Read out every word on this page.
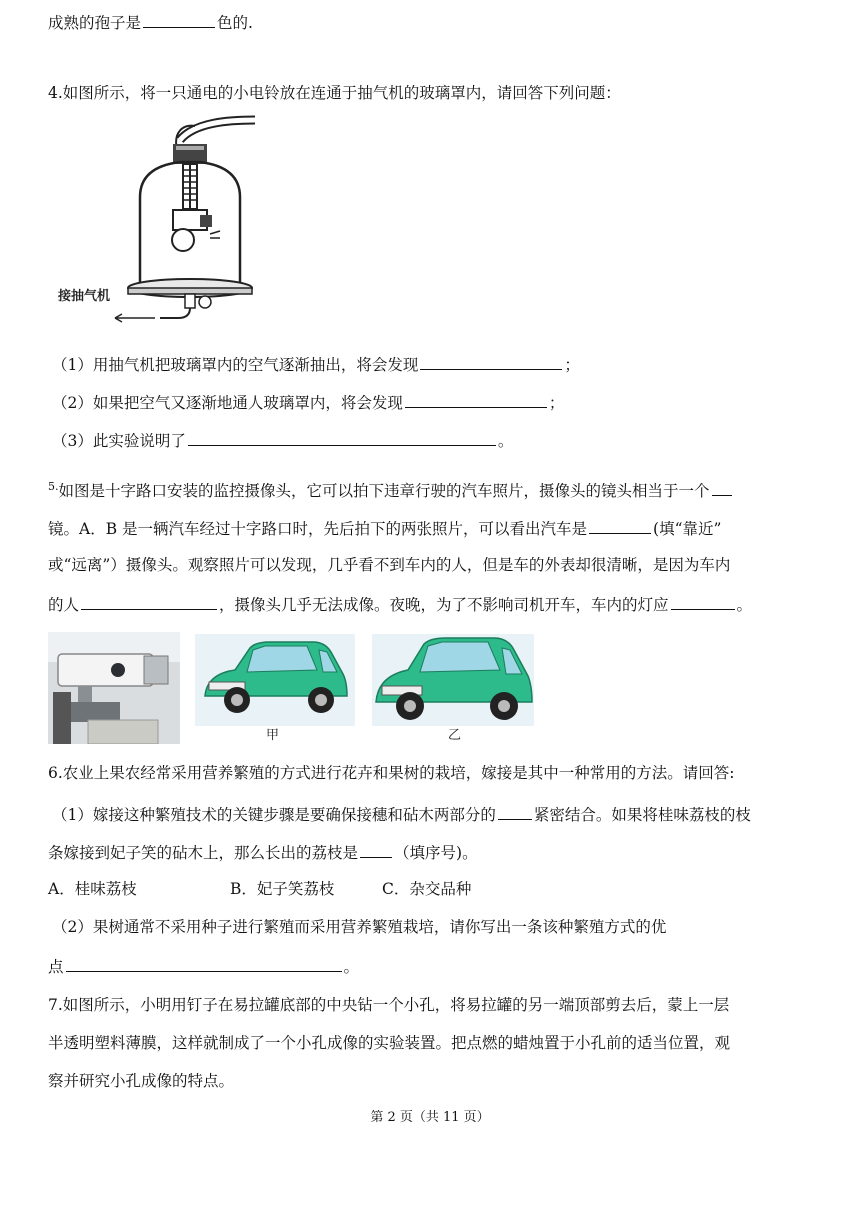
成熟的孢子是	色的.
4.如图所示，将一只通电的小电铃放在连通于抽气机的玻璃罩内，请回答下列问题：
接抽气机
（1）用抽气机把玻璃罩内的空气逐渐抽出，将会发现	；
（2）如果把空气又逐渐地通人玻璃罩内，将会发现	；
（3）此实验说明了	。
$^{5.}$如图是十字路口安装的监控摄像头，它可以拍下违章行驶的汽车照片，摄像头的镜头相当于一个
镜。A．B 是一辆汽车经过十字路口时，先后拍下的两张照片，可以看出汽车是	(填“靠近”
或“远离”）摄像头。观察照片可以发现，几乎看不到车内的人，但是车的外表却很清晰，是因为车内
的人	，摄像头几乎无法成像。夜晚，为了不影响司机开车，车内的灯应	。
甲	乙
6.农业上果农经常采用营养繁殖的方式进行花卉和果树的栽培，嫁接是其中一种常用的方法。请回答:
（1）嫁接这种繁殖技术的关键步骤是要确保接穗和砧木两部分的 紧密结合。如果将桂味荔枝的枝
条嫁接到妃子笑的砧木上，那么长出的荔枝是 （填序号)。
A．桂味荔枝	B．妃子笑荔枝	C．杂交品种
（2）果树通常不采用种子进行繁殖而采用营养繁殖栽培，请你写出一条该种繁殖方式的优
点	。
7.如图所示，小明用钉子在易拉罐底部的中央钻一个小孔，将易拉罐的另一端顶部剪去后，蒙上一层
半透明塑料薄膜，这样就制成了一个小孔成像的实验装置。把点燃的蜡烛置于小孔前的适当位置，观
察并研究小孔成像的特点。
第 2 页（共 11 页）
